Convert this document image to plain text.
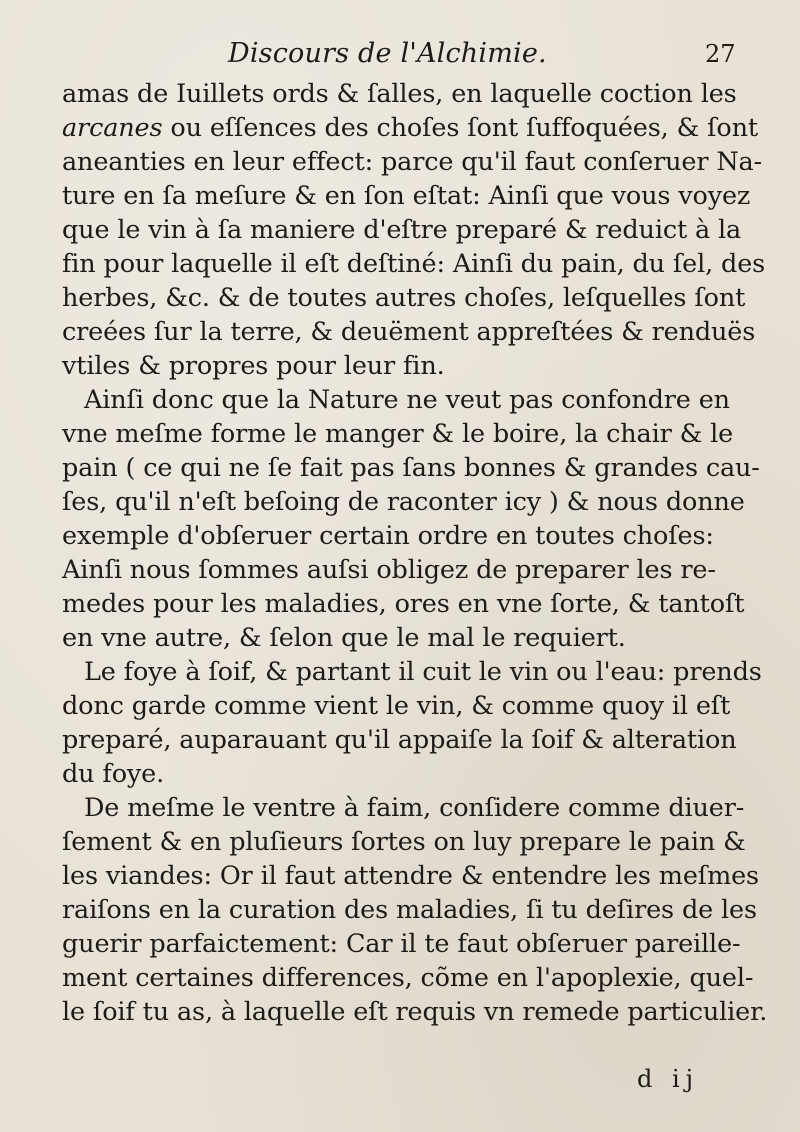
Discours de l'Alchimie.	27
amas de Iuillets ords & ſalles, en laquelle coction les
arcanes ou eſſences des choſes ſont ſuffoquées, & ſont
aneanties en leur effect: parce qu'il faut conſeruer Na-
ture en ſa meſure & en ſon eſtat: Ainſi que vous voyez
que le vin à ſa maniere d'eſtre preparé & reduict à la
fin pour laquelle il eſt deſtiné: Ainſi du pain, du ſel, des
herbes, &c. & de toutes autres choſes, leſquelles ſont
creées ſur la terre, & deuëment appreſtées & renduës
vtiles & propres pour leur fin.
Ainſi donc que la Nature ne veut pas confondre en
vne meſme forme le manger & le boire, la chair & le
pain ( ce qui ne ſe fait pas ſans bonnes & grandes cau-
ſes, qu'il n'eſt beſoing de raconter icy ) & nous donne
exemple d'obſeruer certain ordre en toutes choſes:
Ainſi nous ſommes auſsi obligez de preparer les re-
medes pour les maladies, ores en vne ſorte, & tantoſt
en vne autre, & ſelon que le mal le requiert.
Le foye à ſoif, & partant il cuit le vin ou l'eau: prends
donc garde comme vient le vin, & comme quoy il eſt
preparé, auparauant qu'il appaiſe la ſoif & alteration
du foye.
De meſme le ventre à faim, conſidere comme diuer-
ſement & en pluſieurs ſortes on luy prepare le pain &
les viandes: Or il faut attendre & entendre les meſmes
raiſons en la curation des maladies, ſi tu deſires de les
guerir parfaictement: Car il te faut obſeruer pareille-
ment certaines differences, cõme en l'apoplexie, quel-
le ſoif tu as, à laquelle eſt requis vn remede particulier.
d ij
